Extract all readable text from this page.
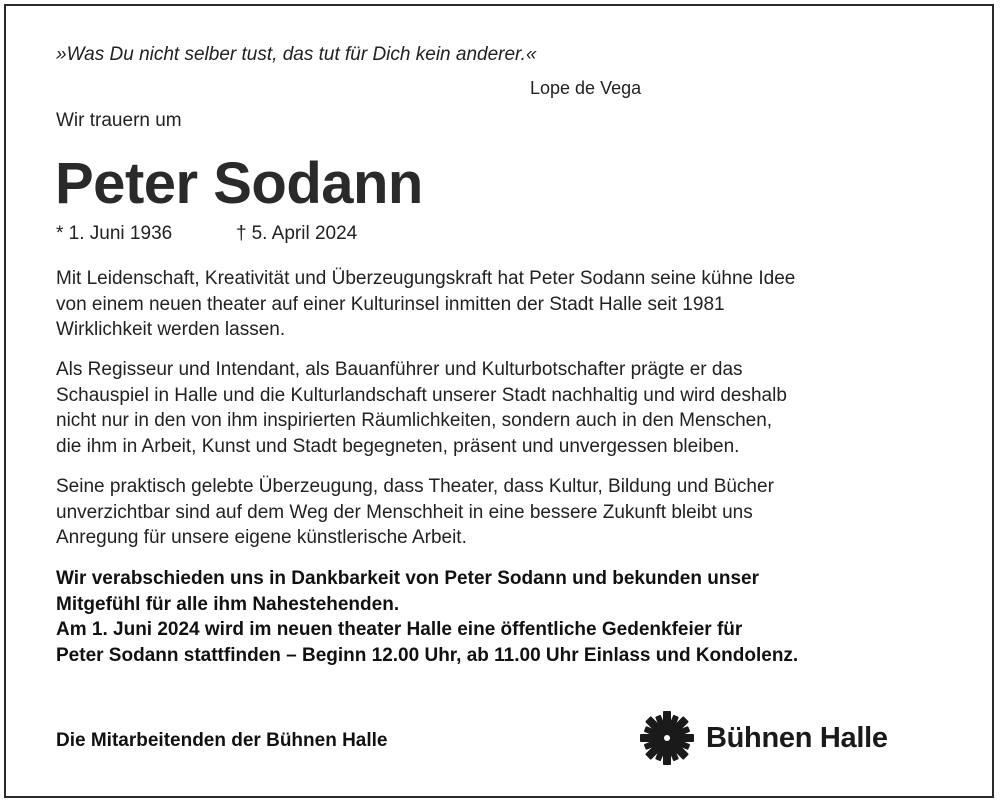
»Was Du nicht selber tust, das tut für Dich kein anderer.«
Lope de Vega
Wir trauern um
Peter Sodann
* 1. Juni 1936	† 5. April 2024
Mit Leidenschaft, Kreativität und Überzeugungskraft hat Peter Sodann seine kühne Idee
von einem neuen theater auf einer Kulturinsel inmitten der Stadt Halle seit 1981
Wirklichkeit werden lassen.
Als Regisseur und Intendant, als Bauanführer und Kulturbotschafter prägte er das
Schauspiel in Halle und die Kulturlandschaft unserer Stadt nachhaltig und wird deshalb
nicht nur in den von ihm inspirierten Räumlichkeiten, sondern auch in den Menschen,
die ihm in Arbeit, Kunst und Stadt begegneten, präsent und unvergessen bleiben.
Seine praktisch gelebte Überzeugung, dass Theater, dass Kultur, Bildung und Bücher
unverzichtbar sind auf dem Weg der Menschheit in eine bessere Zukunft bleibt uns
Anregung für unsere eigene künstlerische Arbeit.
Wir verabschieden uns in Dankbarkeit von Peter Sodann und bekunden unser
Mitgefühl für alle ihm Nahestehenden.
Am 1. Juni 2024 wird im neuen theater Halle eine öffentliche Gedenkfeier für
Peter Sodann stattfinden – Beginn 12.00 Uhr, ab 11.00 Uhr Einlass und Kondolenz.
Die Mitarbeitenden der Bühnen Halle	Bühnen Halle
